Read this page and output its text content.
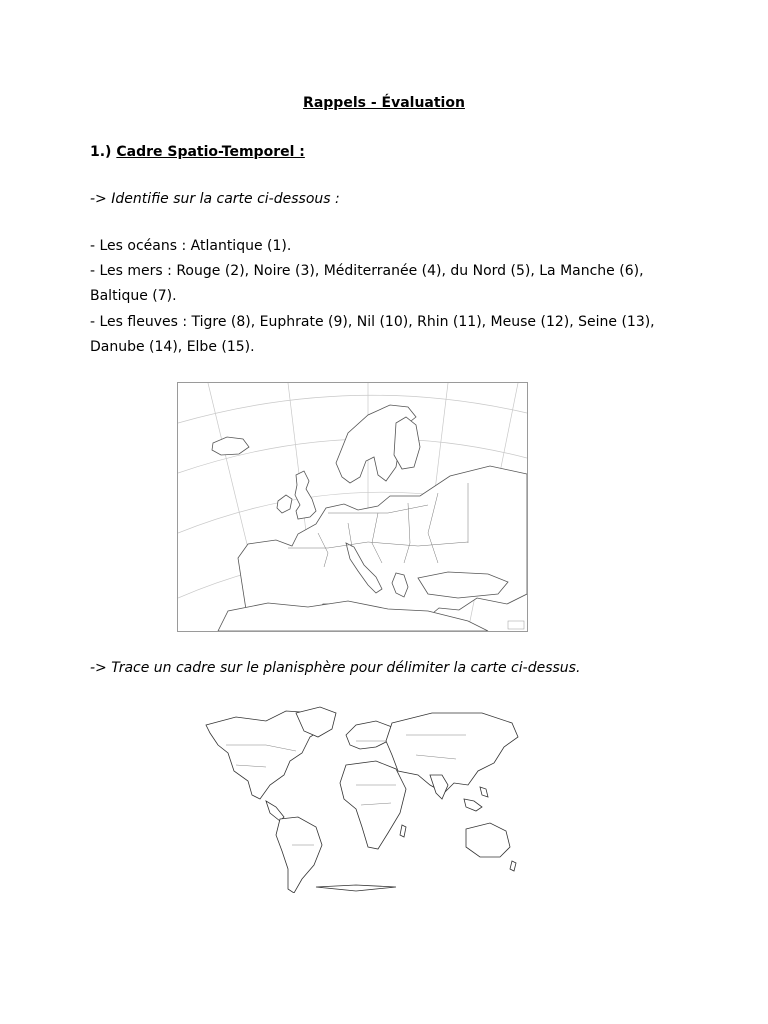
Rappels - Évaluation
1.) Cadre Spatio-Temporel :
-> Identifie sur la carte ci-dessous :
- Les océans : Atlantique (1).
- Les mers : Rouge (2), Noire (3), Méditerranée (4), du Nord (5), La Manche (6),
Baltique (7).
- Les fleuves : Tigre (8), Euphrate (9), Nil (10), Rhin (11), Meuse (12), Seine (13),
Danube (14), Elbe (15).
-> Trace un cadre sur le planisphère pour délimiter la carte ci-dessus.
